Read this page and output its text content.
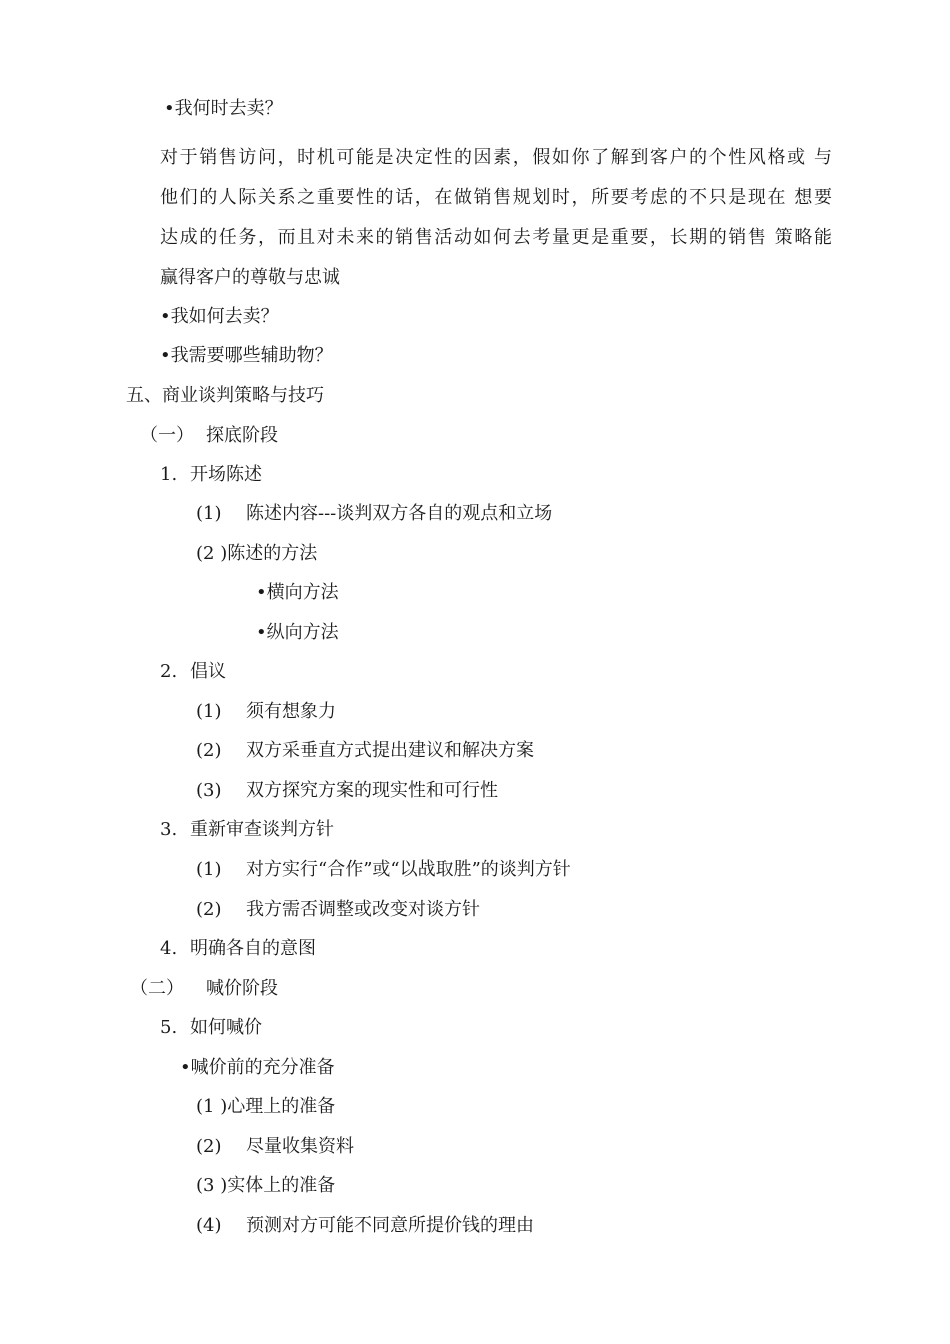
•我何时去卖？
对于销售访问，时机可能是决定性的因素，假如你了解到客户的个性风格或 与
他们的人际关系之重要性的话，在做销售规划时，所要考虑的不只是现在 想要
达成的任务，而且对未来的销售活动如何去考量更是重要，长期的销售 策略能
赢得客户的尊敬与忠诚
•我如何去卖？
•我需要哪些辅助物？
五、商业谈判策略与技巧
（一） 探底阶段
1. 开场陈述
(1) 陈述内容---谈判双方各自的观点和立场
(2 )陈述的方法
•横向方法
•纵向方法
2. 倡议
(1) 须有想象力
(2) 双方采垂直方式提出建议和解决方案
(3) 双方探究方案的现实性和可行性
3. 重新审查谈判方针
(1) 对方实行“合作”或“以战取胜”的谈判方针
(2) 我方需否调整或改变对谈方针
4. 明确各自的意图
（二） 喊价阶段
5. 如何喊价
•喊价前的充分准备
(1 )心理上的准备
(2) 尽量收集资料
(3 )实体上的准备
(4) 预测对方可能不同意所提价钱的理由
